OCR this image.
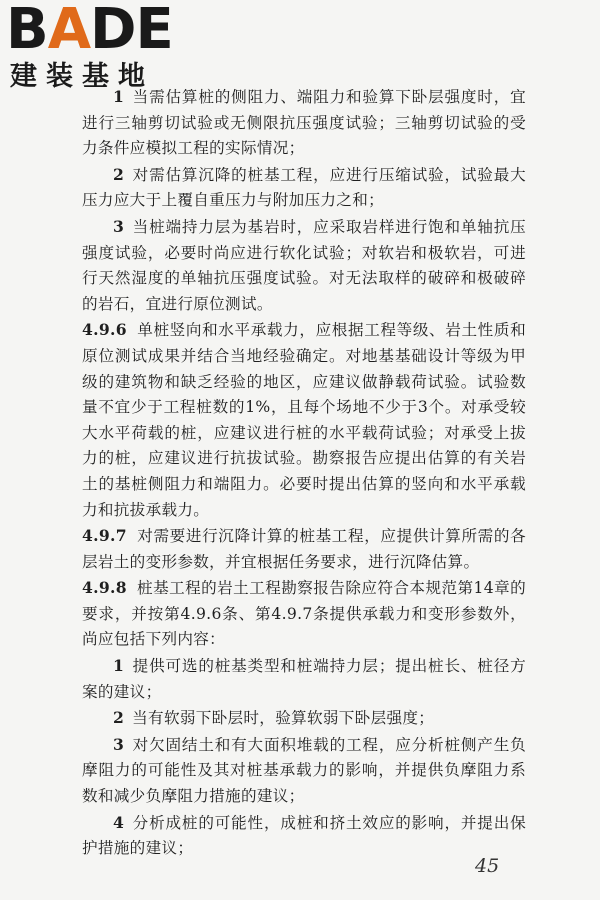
BADE
建装基地

1 当需估算桩的侧阻力、端阻力和验算下卧层强度时，宜进行三轴剪切试验或无侧限抗压强度试验；三轴剪切试验的受力条件应模拟工程的实际情况；

2 对需估算沉降的桩基工程，应进行压缩试验，试验最大压力应大于上覆自重压力与附加压力之和；

3 当桩端持力层为基岩时，应采取岩样进行饱和单轴抗压强度试验，必要时尚应进行软化试验；对软岩和极软岩，可进行天然湿度的单轴抗压强度试验。对无法取样的破碎和极破碎的岩石，宜进行原位测试。

4.9.6 单桩竖向和水平承载力，应根据工程等级、岩土性质和原位测试成果并结合当地经验确定。对地基基础设计等级为甲级的建筑物和缺乏经验的地区，应建议做静载荷试验。试验数量不宜少于工程桩数的1%，且每个场地不少于3个。对承受较大水平荷载的桩，应建议进行桩的水平载荷试验；对承受上拔力的桩，应建议进行抗拔试验。勘察报告应提出估算的有关岩土的基桩侧阻力和端阻力。必要时提出估算的竖向和水平承载力和抗拔承载力。

4.9.7 对需要进行沉降计算的桩基工程，应提供计算所需的各层岩土的变形参数，并宜根据任务要求，进行沉降估算。

4.9.8 桩基工程的岩土工程勘察报告除应符合本规范第14章的要求，并按第4.9.6条、第4.9.7条提供承载力和变形参数外，尚应包括下列内容：

1 提供可选的桩基类型和桩端持力层；提出桩长、桩径方案的建议；

2 当有软弱下卧层时，验算软弱下卧层强度；

3 对欠固结土和有大面积堆载的工程，应分析桩侧产生负摩阻力的可能性及其对桩基承载力的影响，并提供负摩阻力系数和减少负摩阻力措施的建议；

4 分析成桩的可能性，成桩和挤土效应的影响，并提出保护措施的建议；

45
